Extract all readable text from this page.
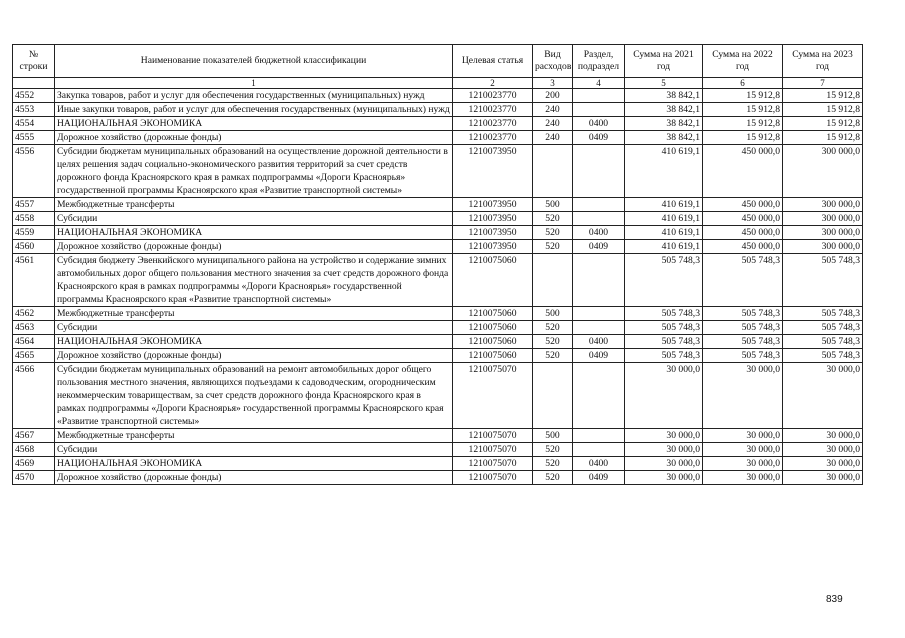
№ строки	Наименование показателей бюджетной классификации	Целевая статья	Вид расходов	Раздел, подраздел	Сумма на 2021 год	Сумма на 2022 год	Сумма на 2023 год
	1	2	3	4	5	6	7
4552	Закупка товаров, работ и услуг для обеспечения государственных (муниципальных) нужд	1210023770	200		38 842,1	15 912,8	15 912,8
4553	Иные закупки товаров, работ и услуг для обеспечения государственных (муниципальных) нужд	1210023770	240		38 842,1	15 912,8	15 912,8
4554	НАЦИОНАЛЬНАЯ ЭКОНОМИКА	1210023770	240	0400	38 842,1	15 912,8	15 912,8
4555	Дорожное хозяйство (дорожные фонды)	1210023770	240	0409	38 842,1	15 912,8	15 912,8
4556	Субсидии бюджетам муниципальных образований на осуществление дорожной деятельности в целях решения задач социально-экономического развития территорий за счет средств дорожного фонда Красноярского края в рамках подпрограммы «Дороги Красноярья» государственной программы Красноярского края «Развитие транспортной системы»	1210073950			410 619,1	450 000,0	300 000,0
4557	Межбюджетные трансферты	1210073950	500		410 619,1	450 000,0	300 000,0
4558	Субсидии	1210073950	520		410 619,1	450 000,0	300 000,0
4559	НАЦИОНАЛЬНАЯ ЭКОНОМИКА	1210073950	520	0400	410 619,1	450 000,0	300 000,0
4560	Дорожное хозяйство (дорожные фонды)	1210073950	520	0409	410 619,1	450 000,0	300 000,0
4561	Субсидия бюджету Эвенкийского муниципального района на устройство и содержание зимних автомобильных дорог общего пользования местного значения за счет средств дорожного фонда Красноярского края в рамках подпрограммы «Дороги Красноярья» государственной программы Красноярского края «Развитие транспортной системы»	1210075060			505 748,3	505 748,3	505 748,3
4562	Межбюджетные трансферты	1210075060	500		505 748,3	505 748,3	505 748,3
4563	Субсидии	1210075060	520		505 748,3	505 748,3	505 748,3
4564	НАЦИОНАЛЬНАЯ ЭКОНОМИКА	1210075060	520	0400	505 748,3	505 748,3	505 748,3
4565	Дорожное хозяйство (дорожные фонды)	1210075060	520	0409	505 748,3	505 748,3	505 748,3
4566	Субсидии бюджетам муниципальных образований на ремонт автомобильных дорог общего пользования местного значения, являющихся подъездами к садоводческим, огородническим некоммерческим товариществам, за счет средств дорожного фонда Красноярского края в рамках подпрограммы «Дороги Красноярья» государственной программы Красноярского края «Развитие транспортной системы»	1210075070			30 000,0	30 000,0	30 000,0
4567	Межбюджетные трансферты	1210075070	500		30 000,0	30 000,0	30 000,0
4568	Субсидии	1210075070	520		30 000,0	30 000,0	30 000,0
4569	НАЦИОНАЛЬНАЯ ЭКОНОМИКА	1210075070	520	0400	30 000,0	30 000,0	30 000,0
4570	Дорожное хозяйство (дорожные фонды)	1210075070	520	0409	30 000,0	30 000,0	30 000,0
839
